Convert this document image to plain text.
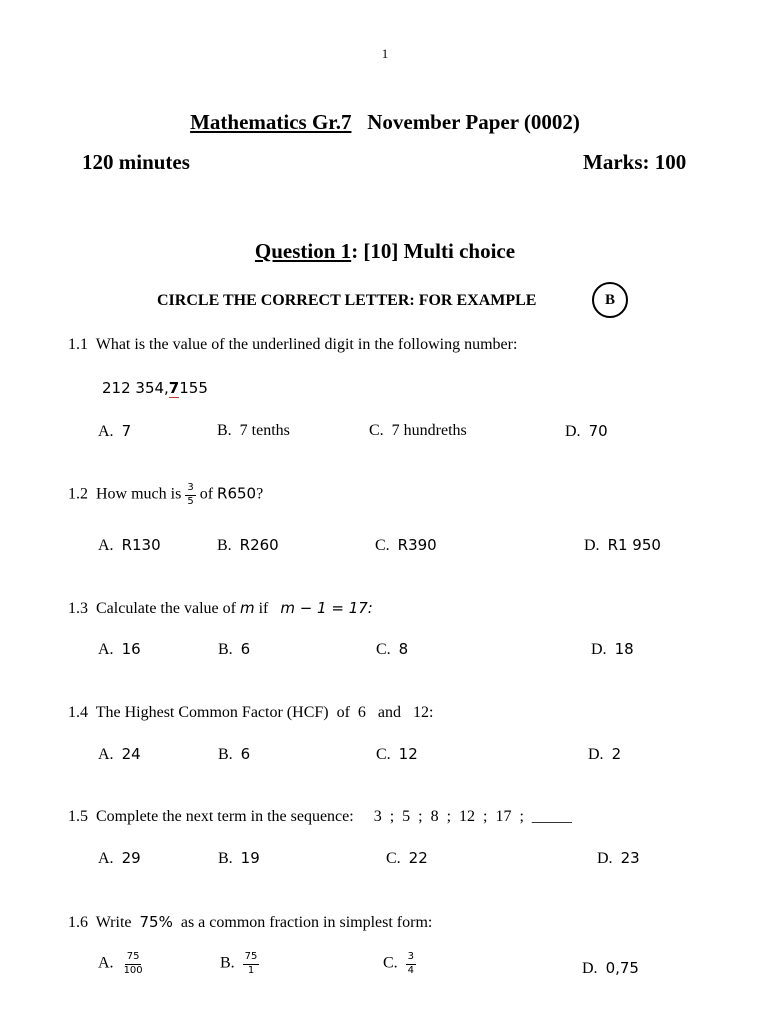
1
Mathematics Gr.7 November Paper (0002)
120 minutes	Marks: 100
Question 1: [10] Multi choice
CIRCLE THE CORRECT LETTER: FOR EXAMPLE	B
1.1 What is the value of the underlined digit in the following number:
212 354,7155
A. 7	B. 7 tenths	C. 7 hundreths	D. 70
1.2 How much is $\frac{3}{5}$ of R650?
A. R130	B. R260	C. R390	D. R1 950
1.3 Calculate the value of m if m − 1 = 17:
A. 16	B. 6	C. 8	D. 18
1.4 The Highest Common Factor (HCF)  of  6   and   12:
A. 24	B. 6	C. 12	D. 2
1.5 Complete the next term in the sequence: 3  ;  5  ;  8  ;  12  ;  17  ;  _____
A. 29	B. 19	C. 22	D. 23
1.6 Write 75% as a common fraction in simplest form:
A. $\frac{75}{100}$	B. $\frac{75}{1}$	C. $\frac{3}{4}$	D. 0,75
